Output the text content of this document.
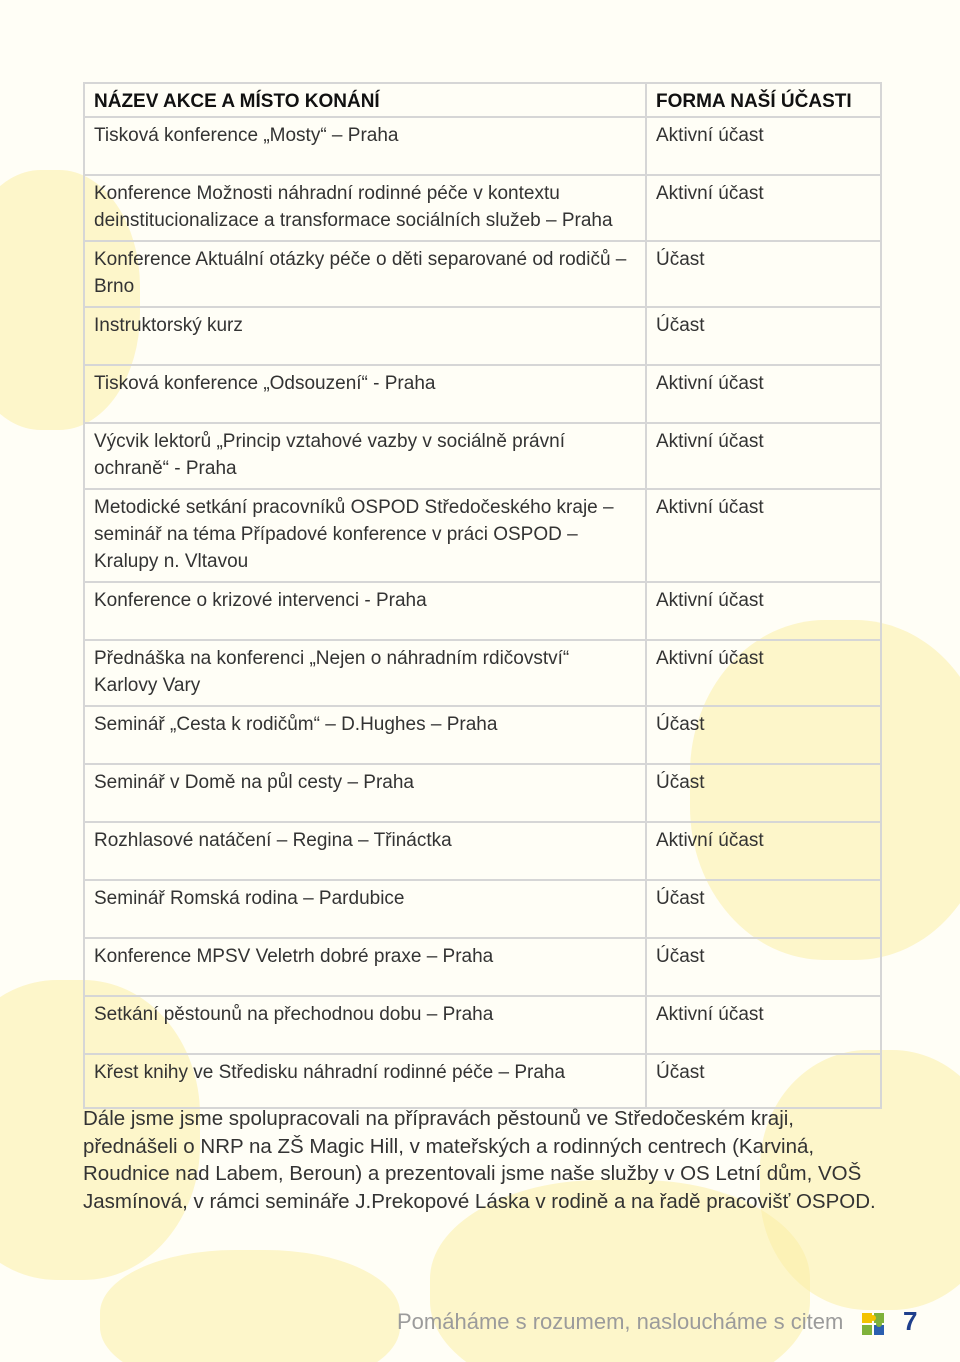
NÁZEV AKCE A MÍSTO KONÁNÍ	FORMA NAŠÍ ÚČASTI
Tisková konference „Mosty“ – Praha	Aktivní účast
Konference Možnosti náhradní rodinné péče v kontextu deinstitucionalizace a transformace sociálních služeb – Praha	Aktivní účast
Konference Aktuální otázky péče o děti separované od rodičů – Brno	Účast
Instruktorský kurz	Účast
Tisková konference „Odsouzení“ - Praha	Aktivní účast
Výcvik lektorů „Princip vztahové vazby v sociálně právní ochraně“ - Praha	Aktivní účast
Metodické setkání pracovníků OSPOD Středočeského kraje – seminář na téma Případové konference v práci OSPOD – Kralupy n. Vltavou	Aktivní účast
Konference o krizové intervenci - Praha	Aktivní účast
Přednáška na konferenci „Nejen o náhradním rdičovství“ Karlovy Vary	Aktivní účast
Seminář „Cesta k rodičům“ – D.Hughes – Praha	Účast
Seminář v Domě na půl cesty – Praha	Účast
Rozhlasové natáčení – Regina – Třináctka	Aktivní účast
Seminář Romská rodina – Pardubice	Účast
Konference MPSV Veletrh dobré praxe – Praha	Účast
Setkání pěstounů na přechodnou dobu – Praha	Aktivní účast
Křest knihy ve Středisku náhradní rodinné péče – Praha	Účast

Dále jsme jsme spolupracovali na přípravách pěstounů ve Středočeském kraji, přednášeli o NRP na ZŠ Magic Hill, v mateřských a rodinných centrech (Karviná, Roudnice nad Labem, Beroun) a prezentovali jsme naše služby v OS Letní dům, VOŠ Jasmínová, v rámci semináře J.Prekopové Láska v rodině a na řadě pracovišť OSPOD.

Pomáháme s rozumem, nasloucháme s citem 7
